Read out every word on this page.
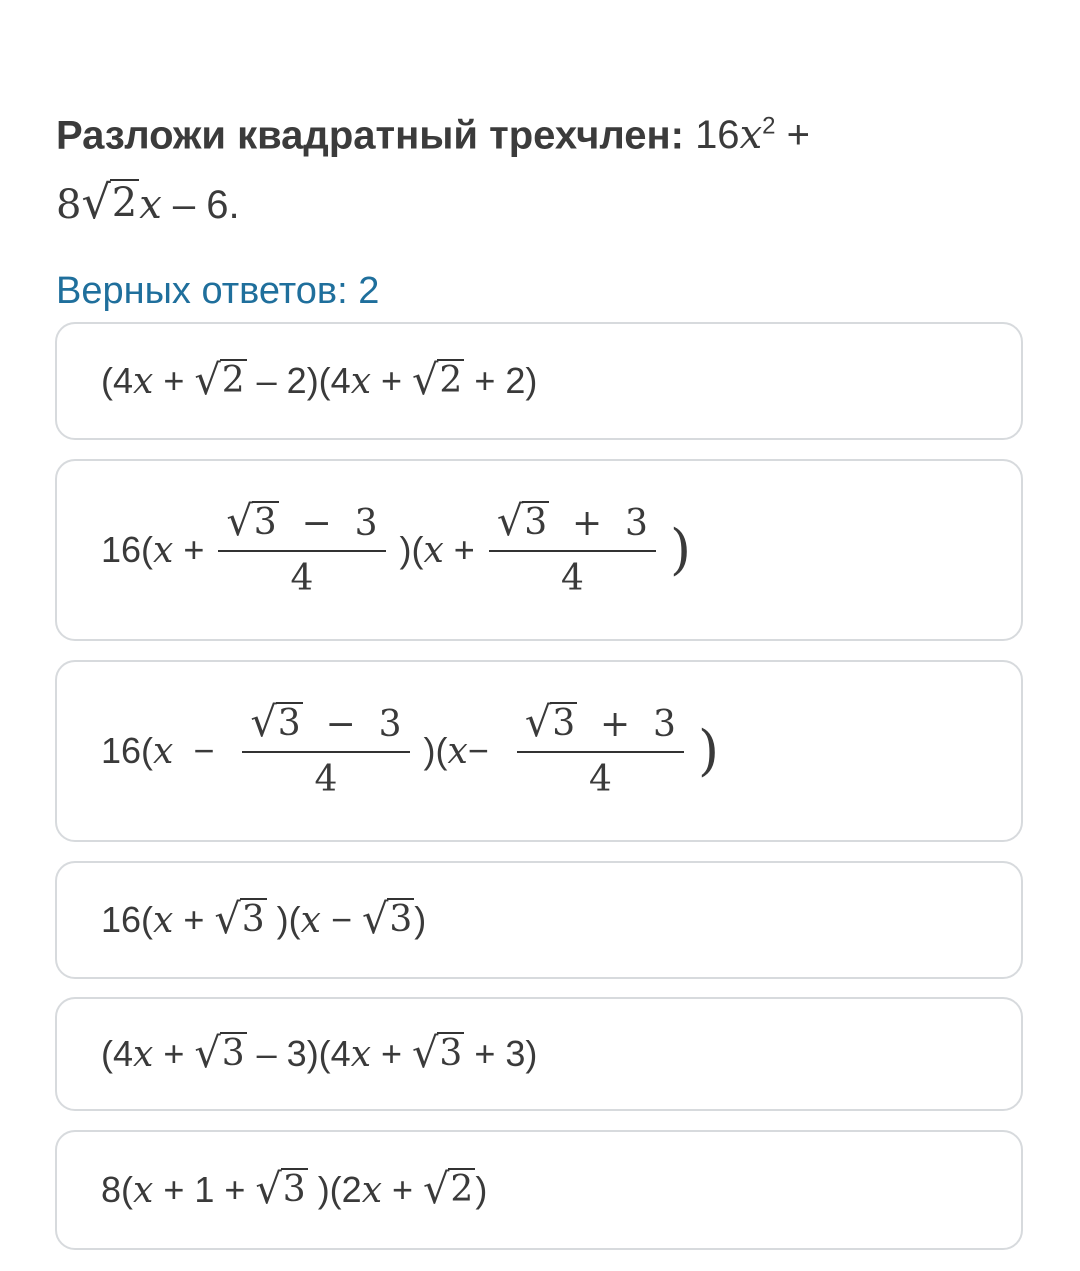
Разложи квадратный трехчлен: $16x^2$ +
8 √ 2 x – 6.
Верных ответов: 2
(4x + √ 2 – 2)(4x + √ 2 + 2)
16( $x + \frac{√ 3 - 3}{4}$ )( $x + \frac{√ 3 + 3}{4}$ )
16( $x - \frac{√ 3 - 3}{4}$ )( $x - \frac{√ 3 + 3}{4}$ )
16(x + √ 3 )(x − √ 3 )
(4x + √ 3 – 3)(4x + √ 3 + 3)
8(x + 1 + √ 3 )(2x + √ 2 )
